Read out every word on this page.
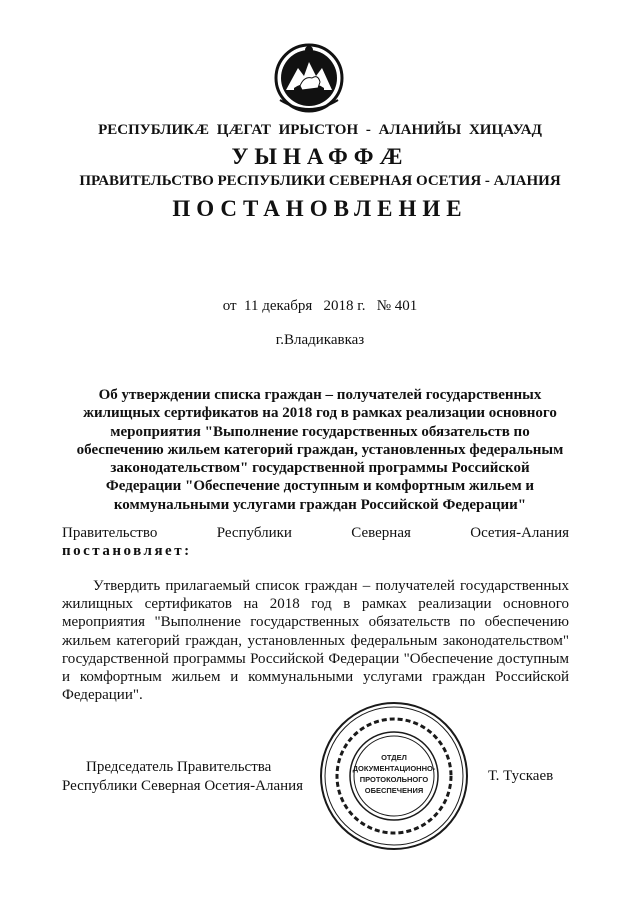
РЕСПУБЛИКÆ ЦÆГАТ ИРЫСТОН - АЛАНИЙЫ ХИЦАУАД
УЫНАФФÆ
ПРАВИТЕЛЬСТВО РЕСПУБЛИКИ СЕВЕРНАЯ ОСЕТИЯ - АЛАНИЯ
ПОСТАНОВЛЕНИЕ
от  11 декабря   2018 г.   № 401
г.Владикавказ
Об утверждении списка граждан – получателей государственных
жилищных сертификатов на 2018 год в рамках реализации основного
мероприятия "Выполнение государственных обязательств по
обеспечению жильем категорий граждан, установленных федеральным
законодательством" государственной программы Российской
Федерации "Обеспечение доступным и комфортным жильем и
коммунальными услугами граждан Российской Федерации"
Правительство Республики Северная Осетия-Алания
постановляет:
Утвердить прилагаемый список граждан – получателей государственных жилищных сертификатов на 2018 год в рамках реализации основного мероприятия "Выполнение государственных обязательств по обеспечению жильем категорий граждан, установленных федеральным законодательством" государственной программы Российской Федерации "Обеспечение доступным и комфортным жильем и коммунальными услугами граждан Российской Федерации".
Председатель Правительства
Республики Северная Осетия-Алания
Т. Тускаев
ОТДЕЛ
ДОКУМЕНТАЦИОННО-
ПРОТОКОЛЬНОГО
ОБЕСПЕЧЕНИЯ
